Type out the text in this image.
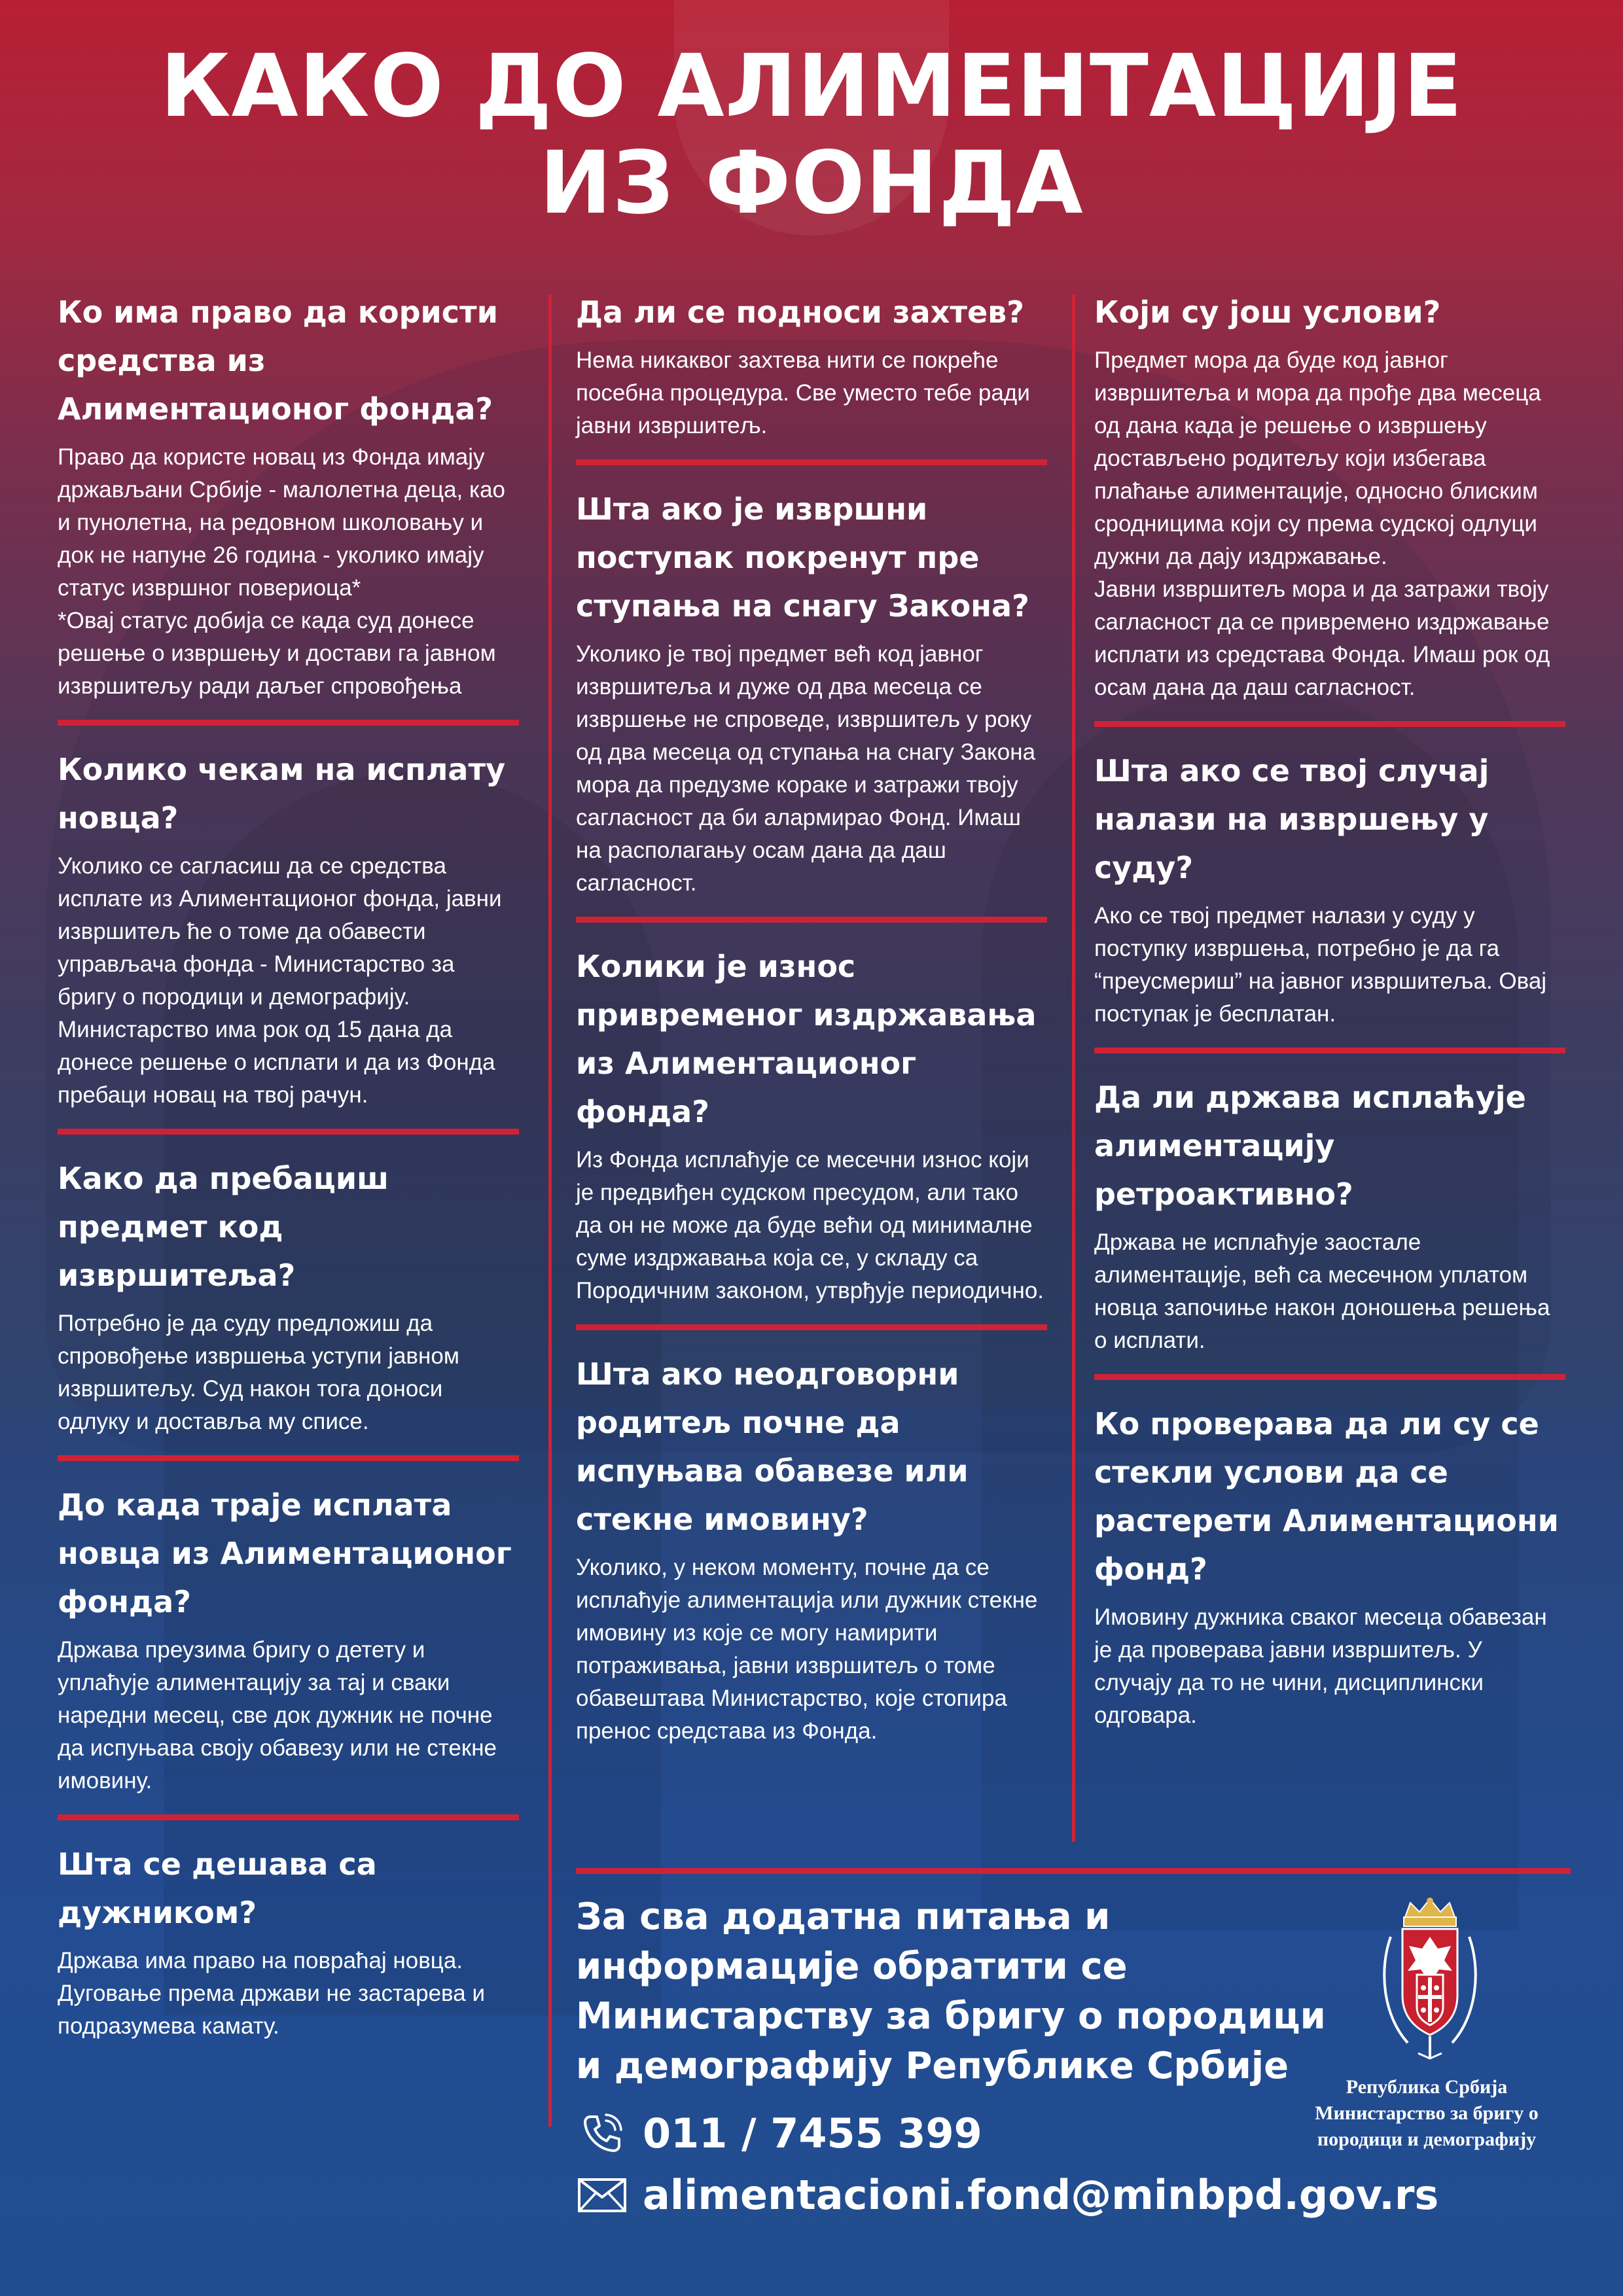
КАКО ДО АЛИМЕНТАЦИЈЕ
ИЗ ФОНДА
Ко има право да користи средства из Алиментационог фонда?

Право да користе новац из Фонда имају држављани Србије - малолетна деца, као и пунолетна, на редовном школовању и док не напуне 26 година - уколико имају статус извршног повериоца*
*Овај статус добија се када суд донесе решење о извршењу и достави га јавном извршитељу ради даљег спровођења

Колико чекам на исплату новца?

Уколико се сагласиш да се средства исплате из Алиментационог фонда, јавни извршитељ ће о томе да обавести управљача фонда - Министарство за бригу о породици и демографију.
Министарство има рок од 15 дана да донесе решење о исплати и да из Фонда пребаци новац на твој рачун.

Како да пребациш предмет код извршитеља?

Потребно је да суду предложиш да спровођење извршења уступи јавном извршитељу. Суд након тога доноси одлуку и доставља му списе.

До када траје исплата новца из Алиментационог фонда?

Држава преузима бригу о детету и уплаћује алиментацију за тај и сваки наредни месец, све док дужник не почне да испуњава своју обавезу или не стекне имовину.

Шта се дешава са дужником?

Држава има право на повраћај новца. Дуговање према држави не застарева и подразумева камату.

Да ли се подноси захтев?

Нема никаквог захтева нити се покреће посебна процедура. Све уместо тебе ради јавни извршитељ.

Шта ако је извршни поступак покренут пре ступања на снагу Закона?

Уколико је твој предмет већ код јавног извршитеља и дуже од два месеца се извршење не спроведе, извршитељ у року од два месеца од ступања на снагу Закона мора да предузме кораке и затражи твоју сагласност да би алармирао Фонд. Имаш на располагању осам дана да даш сагласност.

Колики је износ привременог издржавања из Алиментационог фонда?

Из Фонда исплаћује се месечни износ који је предвиђен судском пресудом, али тако да он не може да буде већи од минималне суме издржавања која се, у складу са Породичним законом, утврђује периодично.

Шта ако неодговорни родитељ почне да испуњава обавезе или стекне имовину?

Уколико, у неком моменту, почне да се исплаћује алиментација или дужник стекне имовину из које се могу намирити потраживања, јавни извршитељ о томе обавештава Министарство, које стопира пренос средстава из Фонда.

Који су још услови?

Предмет мора да буде код јавног извршитеља и мора да прође два месеца од дана када је решење о извршењу достављено родитељу који избегава плаћање алиментације, односно блиским сродницима који су према судској одлуци дужни да дају издржавање.
Јавни извршитељ мора и да затражи твоју сагласност да се привремено издржавање исплати из средстава Фонда. Имаш рок од осам дана да даш сагласност.

Шта ако се твој случај налази на извршењу у суду?

Ако се твој предмет налази у суду у поступку извршења, потребно је да га “преусмериш” на јавног извршитеља. Овај поступак је бесплатан.

Да ли држава исплаћује алиментацију ретроактивно?

Држава не исплаћује заостале алиментације, већ са месечном уплатом новца започиње након доношења решења о исплати.

Ко проверава да ли су се стекли услови да се растерети Алиментациони фонд?

Имовину дужника сваког месеца обавезан је да проверава јавни извршитељ. У случају да то не чини, дисциплински одговара.

За сва додатна питања и
информације обратити се
Министарству за бригу о породици
и демографију Републике Србије

011 / 7455 399
alimentacioni.fond@minbpd.gov.rs
Република Србија
Министарство за бригу о
породици и демографију
